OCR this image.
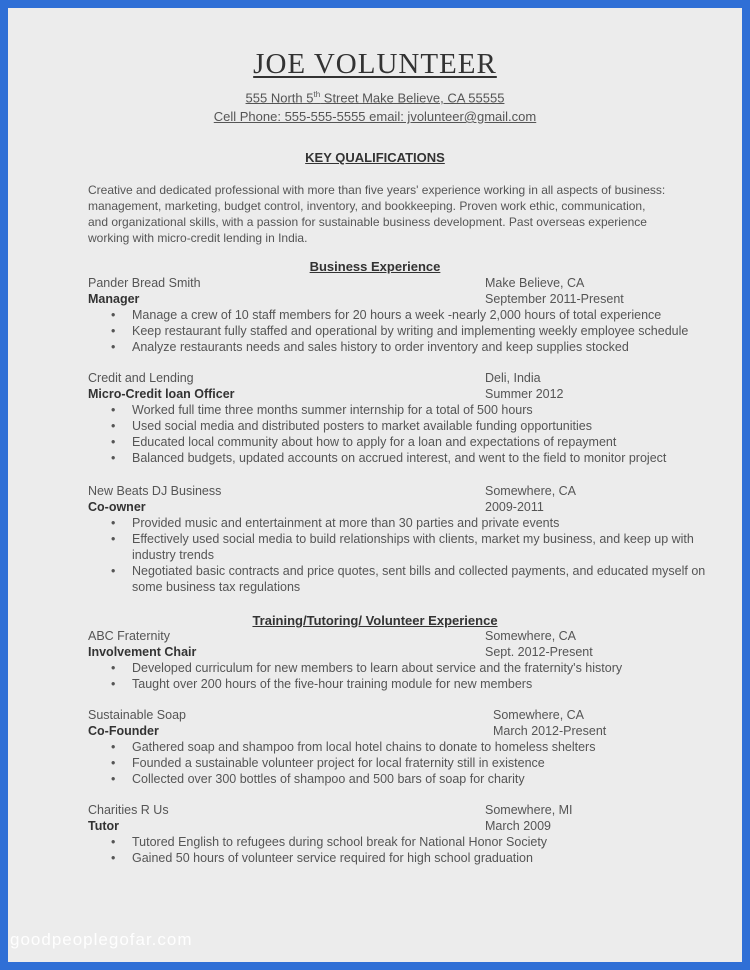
JOE VOLUNTEER
555 North 5th Street Make Believe, CA 55555
Cell Phone: 555-555-5555 email: jvolunteer@gmail.com
KEY QUALIFICATIONS
Creative and dedicated professional with more than five years' experience working in all aspects of business: management, marketing, budget control, inventory, and bookkeeping. Proven work ethic, communication, and organizational skills, with a passion for sustainable business development. Past overseas experience working with micro-credit lending in India.
Business Experience
Training/Tutoring/ Volunteer Experience
Pander Bread Smith	Make Believe, CA
Manager	September 2011-Present
• Manage a crew of 10 staff members for 20 hours a week -nearly 2,000 hours of total experience
• Keep restaurant fully staffed and operational by writing and implementing weekly employee schedule
• Analyze restaurants needs and sales history to order inventory and keep supplies stocked
Credit and Lending	Deli, India
Micro-Credit loan Officer	Summer 2012
• Worked full time three months summer internship for a total of 500 hours
• Used social media and distributed posters to market available funding opportunities
• Educated local community about how to apply for a loan and expectations of repayment
• Balanced budgets, updated accounts on accrued interest, and went to the field to monitor project
New Beats DJ Business	Somewhere, CA
Co-owner	2009-2011
• Provided music and entertainment at more than 30 parties and private events
• Effectively used social media to build relationships with clients, market my business, and keep up with
industry trends
• Negotiated basic contracts and price quotes, sent bills and collected payments, and educated myself on
some business tax regulations
ABC Fraternity	Somewhere, CA
Involvement Chair	Sept. 2012-Present
• Developed curriculum for new members to learn about service and the fraternity's history
• Taught over 200 hours of the five-hour training module for new members
Sustainable Soap	Somewhere, CA
Co-Founder	March 2012-Present
• Gathered soap and shampoo from local hotel chains to donate to homeless shelters
• Founded a sustainable volunteer project for local fraternity still in existence
• Collected over 300 bottles of shampoo and 500 bars of soap for charity
Charities R Us	Somewhere, MI
Tutor	March 2009
• Tutored English to refugees during school break for National Honor Society
• Gained 50 hours of volunteer service required for high school graduation
goodpeoplegofar.com
